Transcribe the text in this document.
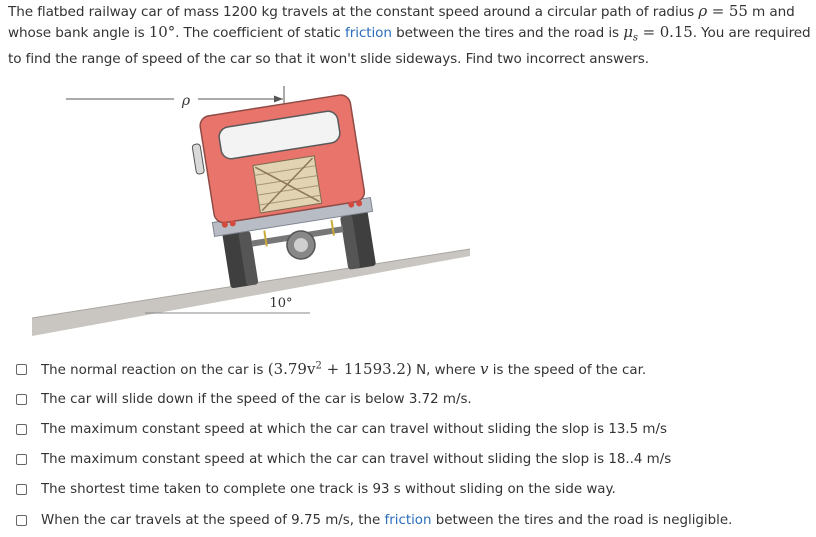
The flatbed railway car of mass 1200 kg travels at the constant speed around a circular path of radius ρ = 55 m and whose bank angle is 10°. The coefficient of static friction between the tires and the road is $\mu_s = 0.15$. You are required to find the range of speed of the car so that it won't slide sideways. Find two incorrect answers.
ρ
10°
The normal reaction on the car is $(3.79v^2 + 11593.2)$ N, where v is the speed of the car.
The car will slide down if the speed of the car is below 3.72 m/s.
The maximum constant speed at which the car can travel without sliding the slop is 13.5 m/s
The maximum constant speed at which the car can travel without sliding the slop is 18..4 m/s
The shortest time taken to complete one track is 93 s without sliding on the side way.
When the car travels at the speed of 9.75 m/s, the friction between the tires and the road is negligible.
